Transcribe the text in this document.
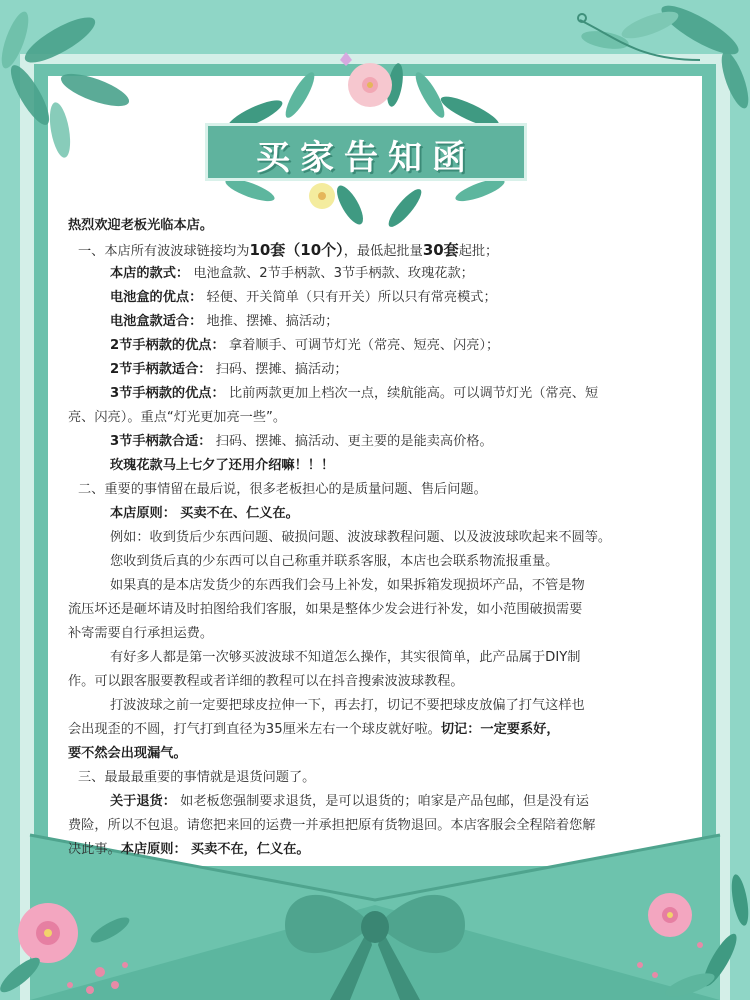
买家告知函
热烈欢迎老板光临本店。
一、本店所有波波球链接均为10套（10个），最低起批量30套起批；
本店的款式： 电池盒款、2节手柄款、3节手柄款、玫瑰花款；
电池盒的优点： 轻便、开关简单（只有开关）所以只有常亮模式；
电池盒款适合： 地推、摆摊、搞活动；
2节手柄款的优点： 拿着顺手、可调节灯光（常亮、短亮、闪亮）；
2节手柄款适合： 扫码、摆摊、搞活动；
3节手柄款的优点： 比前两款更加上档次一点，续航能高。可以调节灯光（常亮、短
亮、闪亮）。重点“灯光更加亮一些”。
3节手柄款合适： 扫码、摆摊、搞活动、更主要的是能卖高价格。
玫瑰花款马上七夕了还用介绍嘛！！！
二、重要的事情留在最后说，很多老板担心的是质量问题、售后问题。
本店原则： 买卖不在、仁义在。
例如：收到货后少东西问题、破损问题、波波球教程问题、以及波波球吹起来不圆等。
您收到货后真的少东西可以自己称重并联系客服，本店也会联系物流报重量。
如果真的是本店发货少的东西我们会马上补发，如果拆箱发现损坏产品，不管是物
流压坏还是砸坏请及时拍图给我们客服，如果是整体少发会进行补发，如小范围破损需要
补寄需要自行承担运费。
有好多人都是第一次够买波波球不知道怎么操作，其实很简单，此产品属于DIY制
作。可以跟客服要教程或者详细的教程可以在抖音搜索波波球教程。
打波波球之前一定要把球皮拉伸一下，再去打，切记不要把球皮放偏了打气这样也
会出现歪的不圆，打气打到直径为35厘米左右一个球皮就好啦。切记：一定要系好，
要不然会出现漏气。
三、最最最重要的事情就是退货问题了。
关于退货： 如老板您强制要求退货，是可以退货的；咱家是产品包邮，但是没有运
费险，所以不包退。请您把来回的运费一并承担把原有货物退回。本店客服会全程陪着您解
决此事。本店原则： 买卖不在，仁义在。
